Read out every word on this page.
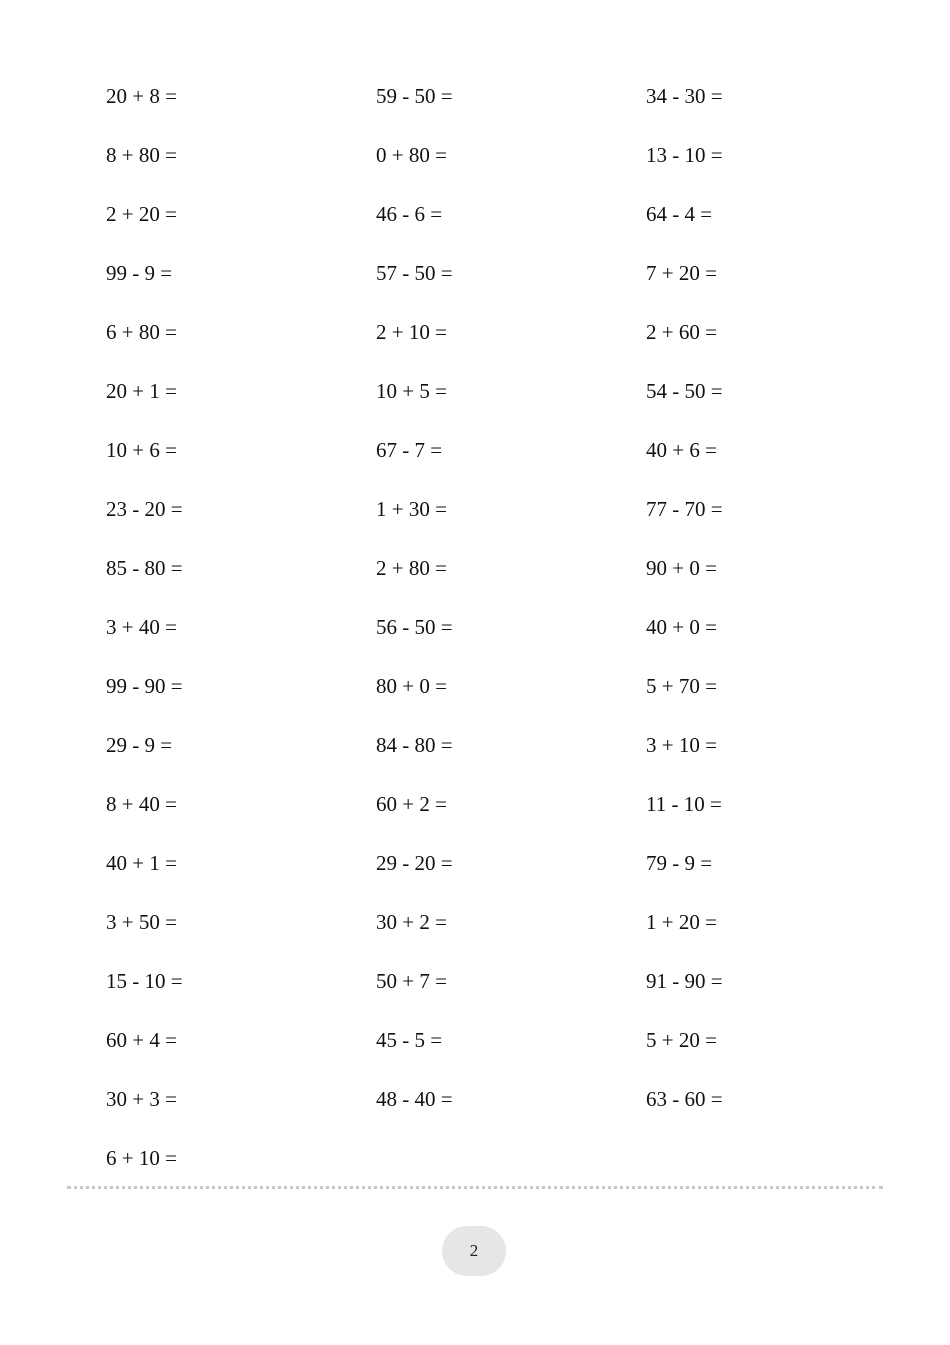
20 + 8 =
8 + 80 =
2 + 20 =
99 - 9 =
6 + 80 =
20 + 1 =
10 + 6 =
23 - 20 =
85 - 80 =
3 + 40 =
99 - 90 =
29 - 9 =
8 + 40 =
40 + 1 =
3 + 50 =
15 - 10 =
60 + 4 =
30 + 3 =
6 + 10 =
59 - 50 =
0 + 80 =
46 - 6 =
57 - 50 =
2 + 10 =
10 + 5 =
67 - 7 =
1 + 30 =
2 + 80 =
56 - 50 =
80 + 0 =
84 - 80 =
60 + 2 =
29 - 20 =
30 + 2 =
50 + 7 =
45 - 5 =
48 - 40 =
34 - 30 =
13 - 10 =
64 - 4 =
7 + 20 =
2 + 60 =
54 - 50 =
40 + 6 =
77 - 70 =
90 + 0 =
40 + 0 =
5 + 70 =
3 + 10 =
11 - 10 =
79 - 9 =
1 + 20 =
91 - 90 =
5 + 20 =
63 - 60 =
2
